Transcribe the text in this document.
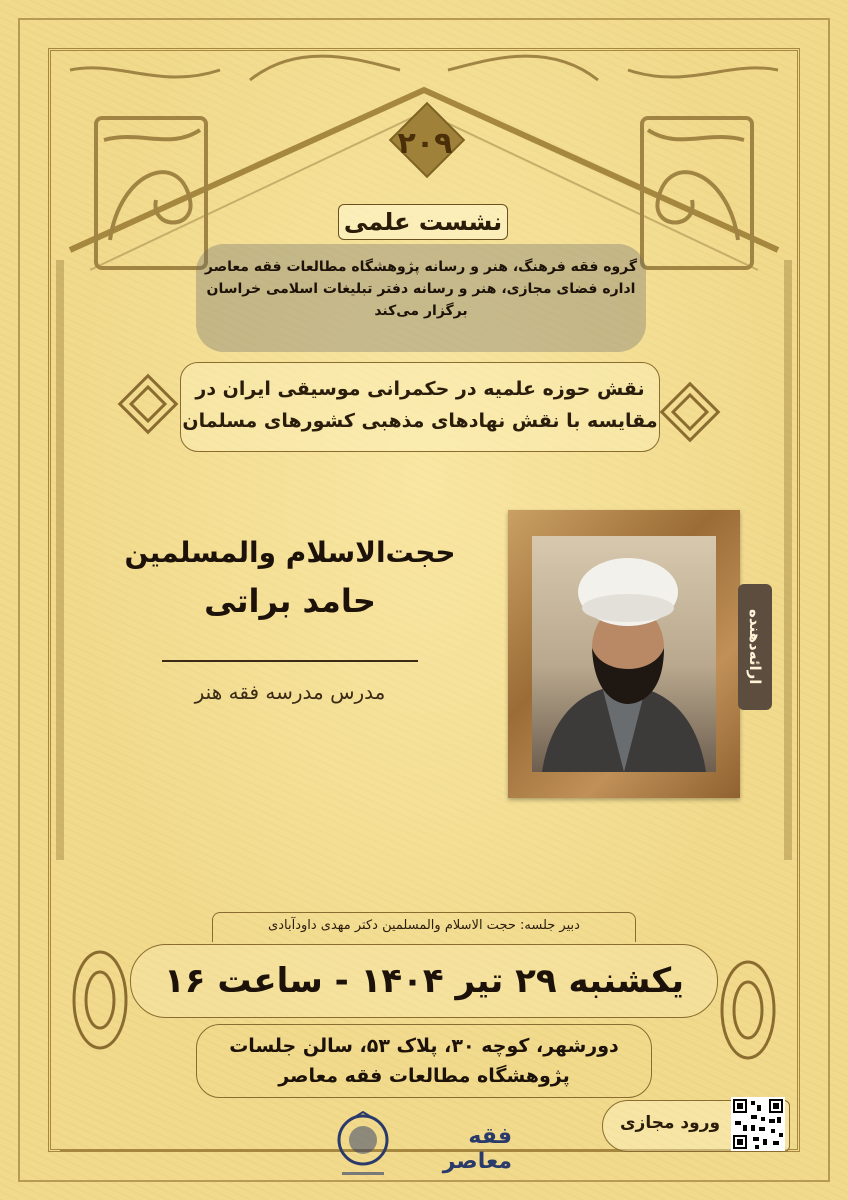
۲۰۹
نشست علمی
گروه فقه فرهنگ، هنر و رسانه پژوهشگاه مطالعات فقه معاصر
اداره فضای مجازی، هنر و رسانه دفتر تبلیغات اسلامی خراسان
برگزار می‌کند
نقش حوزه علمیه در حکمرانی موسیقی ایران در
مقایسه با نقش نهادهای مذهبی کشورهای مسلمان
حجت‌الاسلام والمسلمین
حامد براتی
مدرس مدرسه فقه هنر
ارائه‌دهنده
دبیر جلسه: حجت الاسلام والمسلمین دکتر مهدی داودآبادی
یکشنبه ۲۹ تیر ۱۴۰۴ - ساعت ۱۶
دورشهر، کوچه ۳۰، پلاک ۵۳، سالن جلسات
پژوهشگاه مطالعات فقه معاصر
ورود مجازی
فقه معاصر
